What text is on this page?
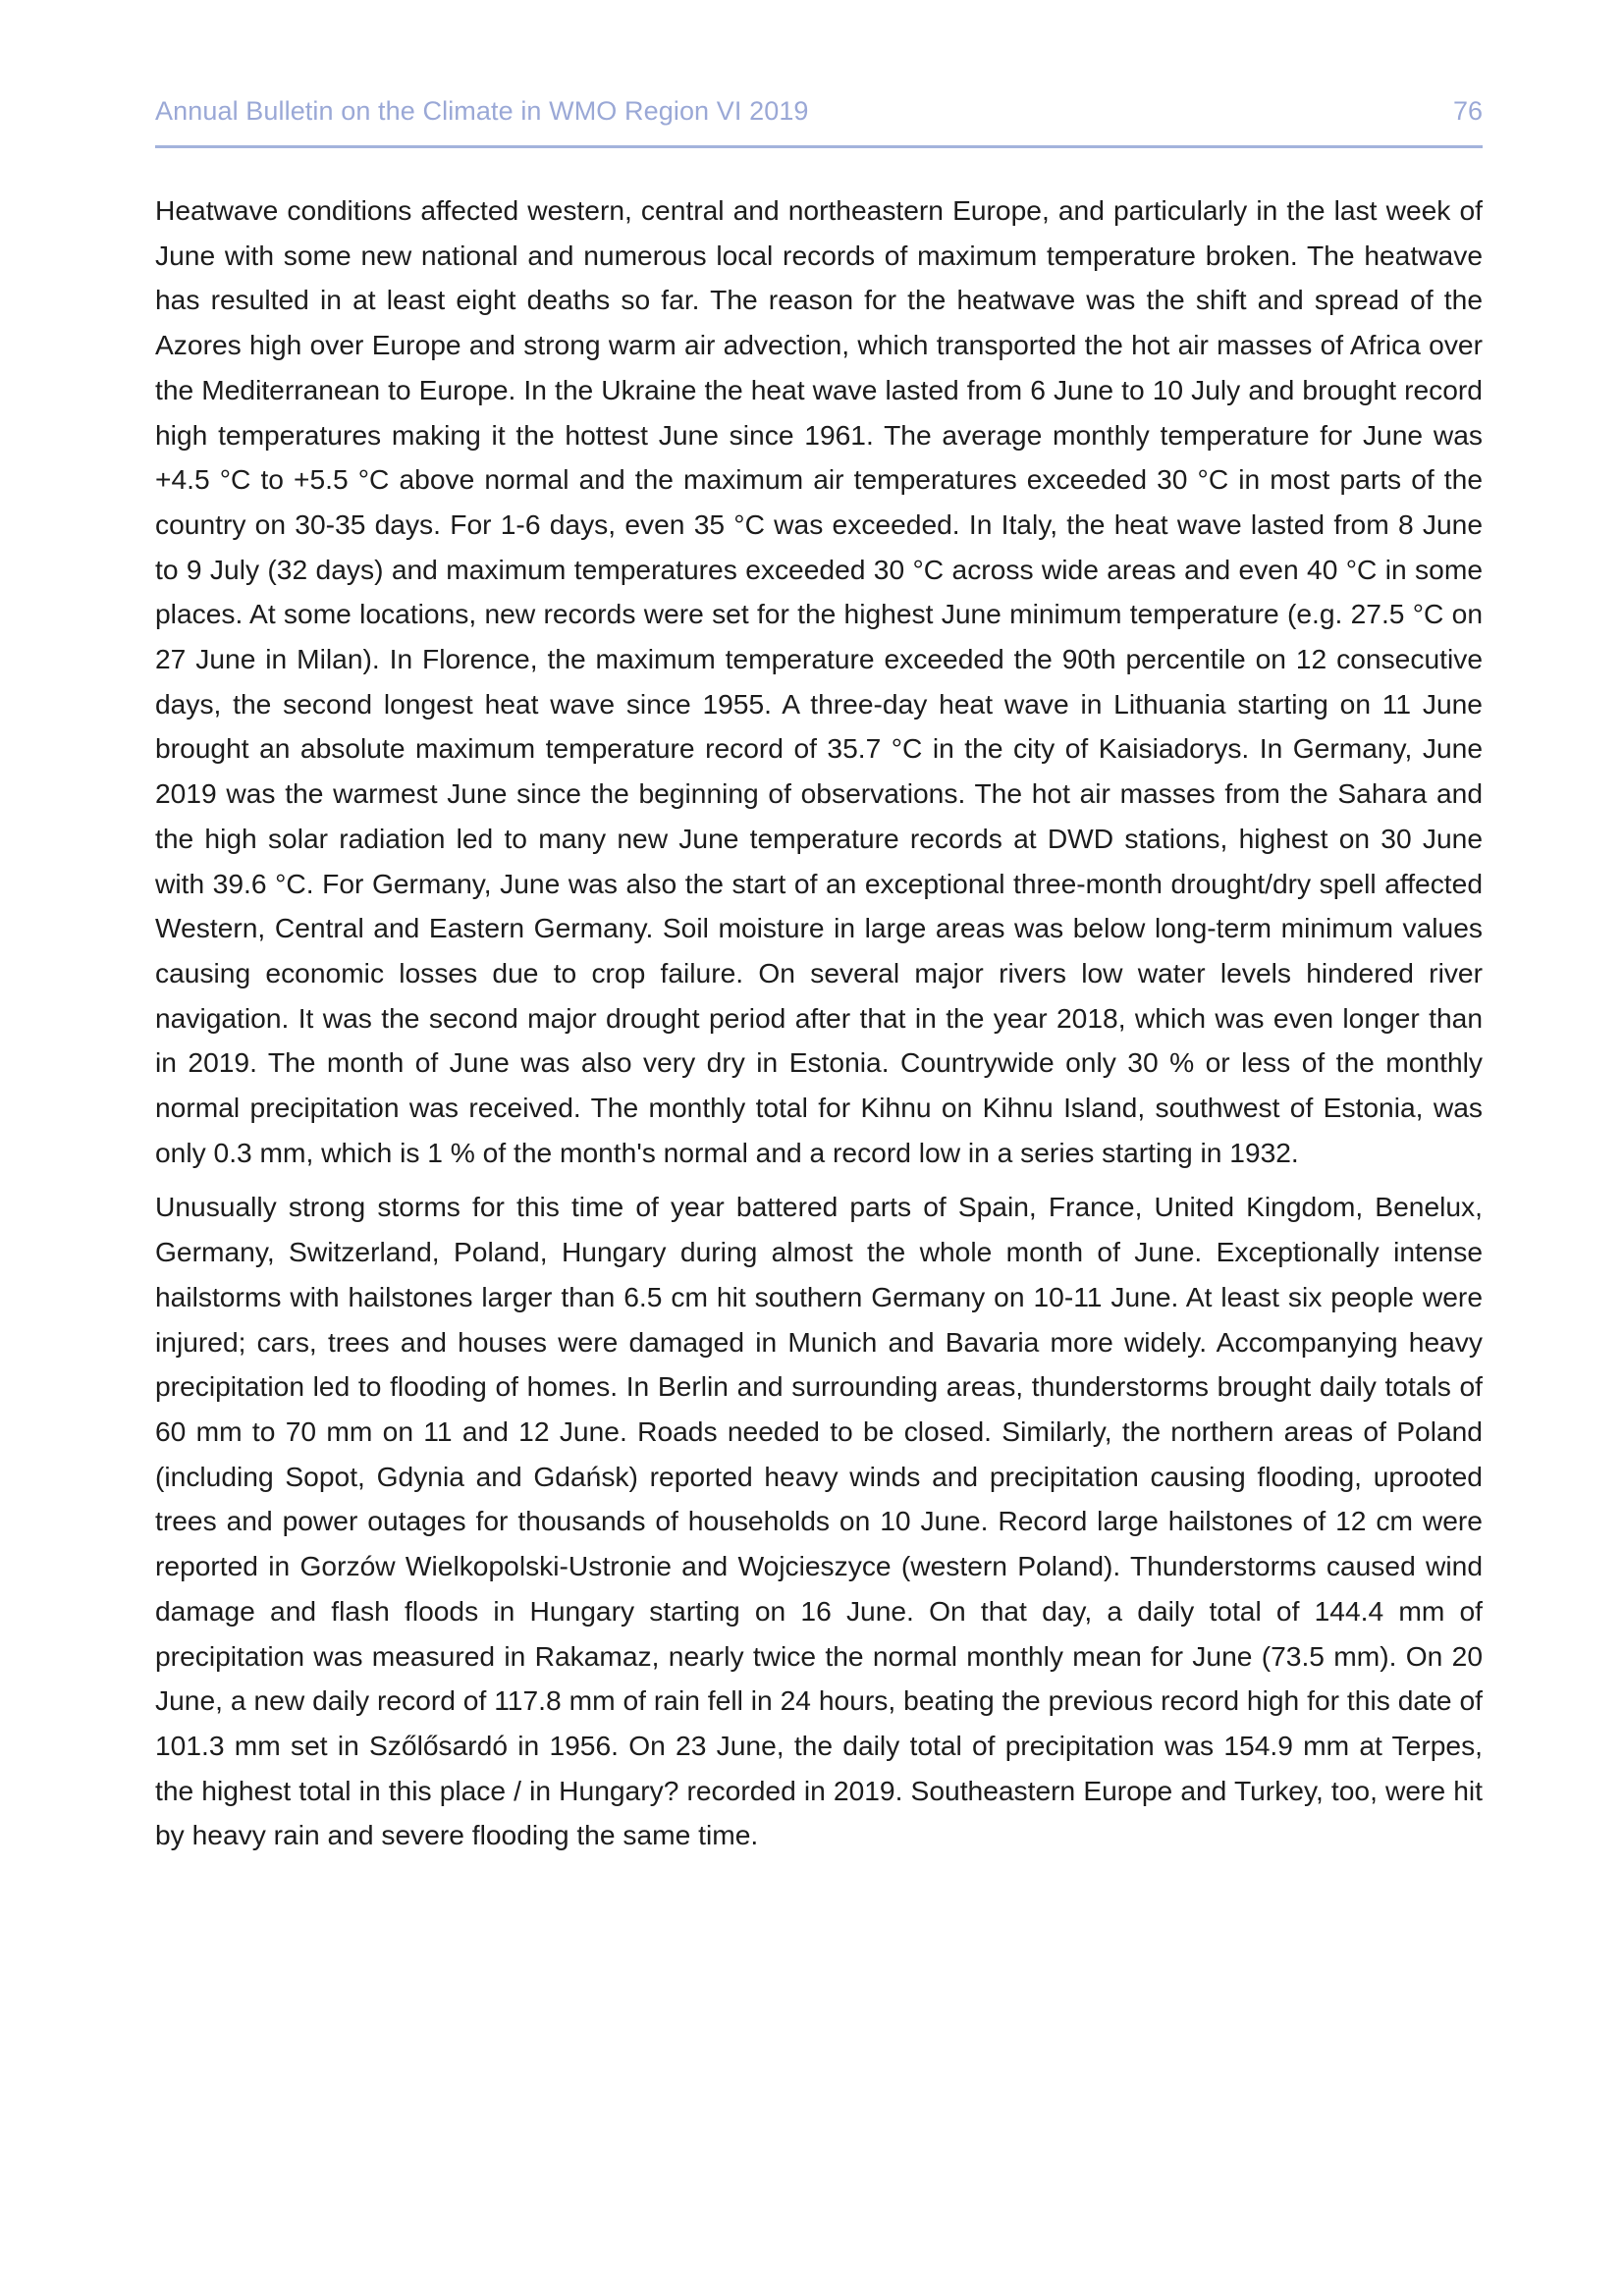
Annual Bulletin on the Climate in WMO Region VI 2019	76

Heatwave conditions affected western, central and northeastern Europe, and particularly in the last week of June with some new national and numerous local records of maximum temperature broken. The heatwave has resulted in at least eight deaths so far. The reason for the heatwave was the shift and spread of the Azores high over Europe and strong warm air advection, which transported the hot air masses of Africa over the Mediterranean to Europe. In the Ukraine the heat wave lasted from 6 June to 10 July and brought record high temperatures making it the hottest June since 1961. The average monthly temperature for June was +4.5 °C to +5.5 °C above normal and the maximum air temperatures exceeded 30 °C in most parts of the country on 30-35 days. For 1-6 days, even 35 °C was exceeded. In Italy, the heat wave lasted from 8 June to 9 July (32 days) and maximum temperatures exceeded 30 °C across wide areas and even 40 °C in some places. At some locations, new records were set for the highest June minimum temperature (e.g. 27.5 °C on 27 June in Milan). In Florence, the maximum temperature exceeded the 90th percentile on 12 consecutive days, the second longest heat wave since 1955. A three-day heat wave in Lithuania starting on 11 June brought an absolute maximum temperature record of 35.7 °C in the city of Kaisiadorys. In Germany, June 2019 was the warmest June since the beginning of observations. The hot air masses from the Sahara and the high solar radiation led to many new June temperature records at DWD stations, highest on 30 June with 39.6 °C. For Germany, June was also the start of an exceptional three-month drought/dry spell affected Western, Central and Eastern Germany. Soil moisture in large areas was below long-term minimum values causing economic losses due to crop failure. On several major rivers low water levels hindered river navigation. It was the second major drought period after that in the year 2018, which was even longer than in 2019. The month of June was also very dry in Estonia. Countrywide only 30 % or less of the monthly normal precipitation was received. The monthly total for Kihnu on Kihnu Island, southwest of Estonia, was only 0.3 mm, which is 1 % of the month's normal and a record low in a series starting in 1932.

Unusually strong storms for this time of year battered parts of Spain, France, United Kingdom, Benelux, Germany, Switzerland, Poland, Hungary during almost the whole month of June. Exceptionally intense hailstorms with hailstones larger than 6.5 cm hit southern Germany on 10-11 June. At least six people were injured; cars, trees and houses were damaged in Munich and Bavaria more widely. Accompanying heavy precipitation led to flooding of homes. In Berlin and surrounding areas, thunderstorms brought daily totals of 60 mm to 70 mm on 11 and 12 June. Roads needed to be closed. Similarly, the northern areas of Poland (including Sopot, Gdynia and Gdańsk) reported heavy winds and precipitation causing flooding, uprooted trees and power outages for thousands of households on 10 June. Record large hailstones of 12 cm were reported in Gorzów Wielkopolski-Ustronie and Wojcieszyce (western Poland). Thunderstorms caused wind damage and flash floods in Hungary starting on 16 June. On that day, a daily total of 144.4 mm of precipitation was measured in Rakamaz, nearly twice the normal monthly mean for June (73.5 mm). On 20 June, a new daily record of 117.8 mm of rain fell in 24 hours, beating the previous record high for this date of 101.3 mm set in Szőlősardó in 1956. On 23 June, the daily total of precipitation was 154.9 mm at Terpes, the highest total in this place / in Hungary? recorded in 2019. Southeastern Europe and Turkey, too, were hit by heavy rain and severe flooding the same time.
